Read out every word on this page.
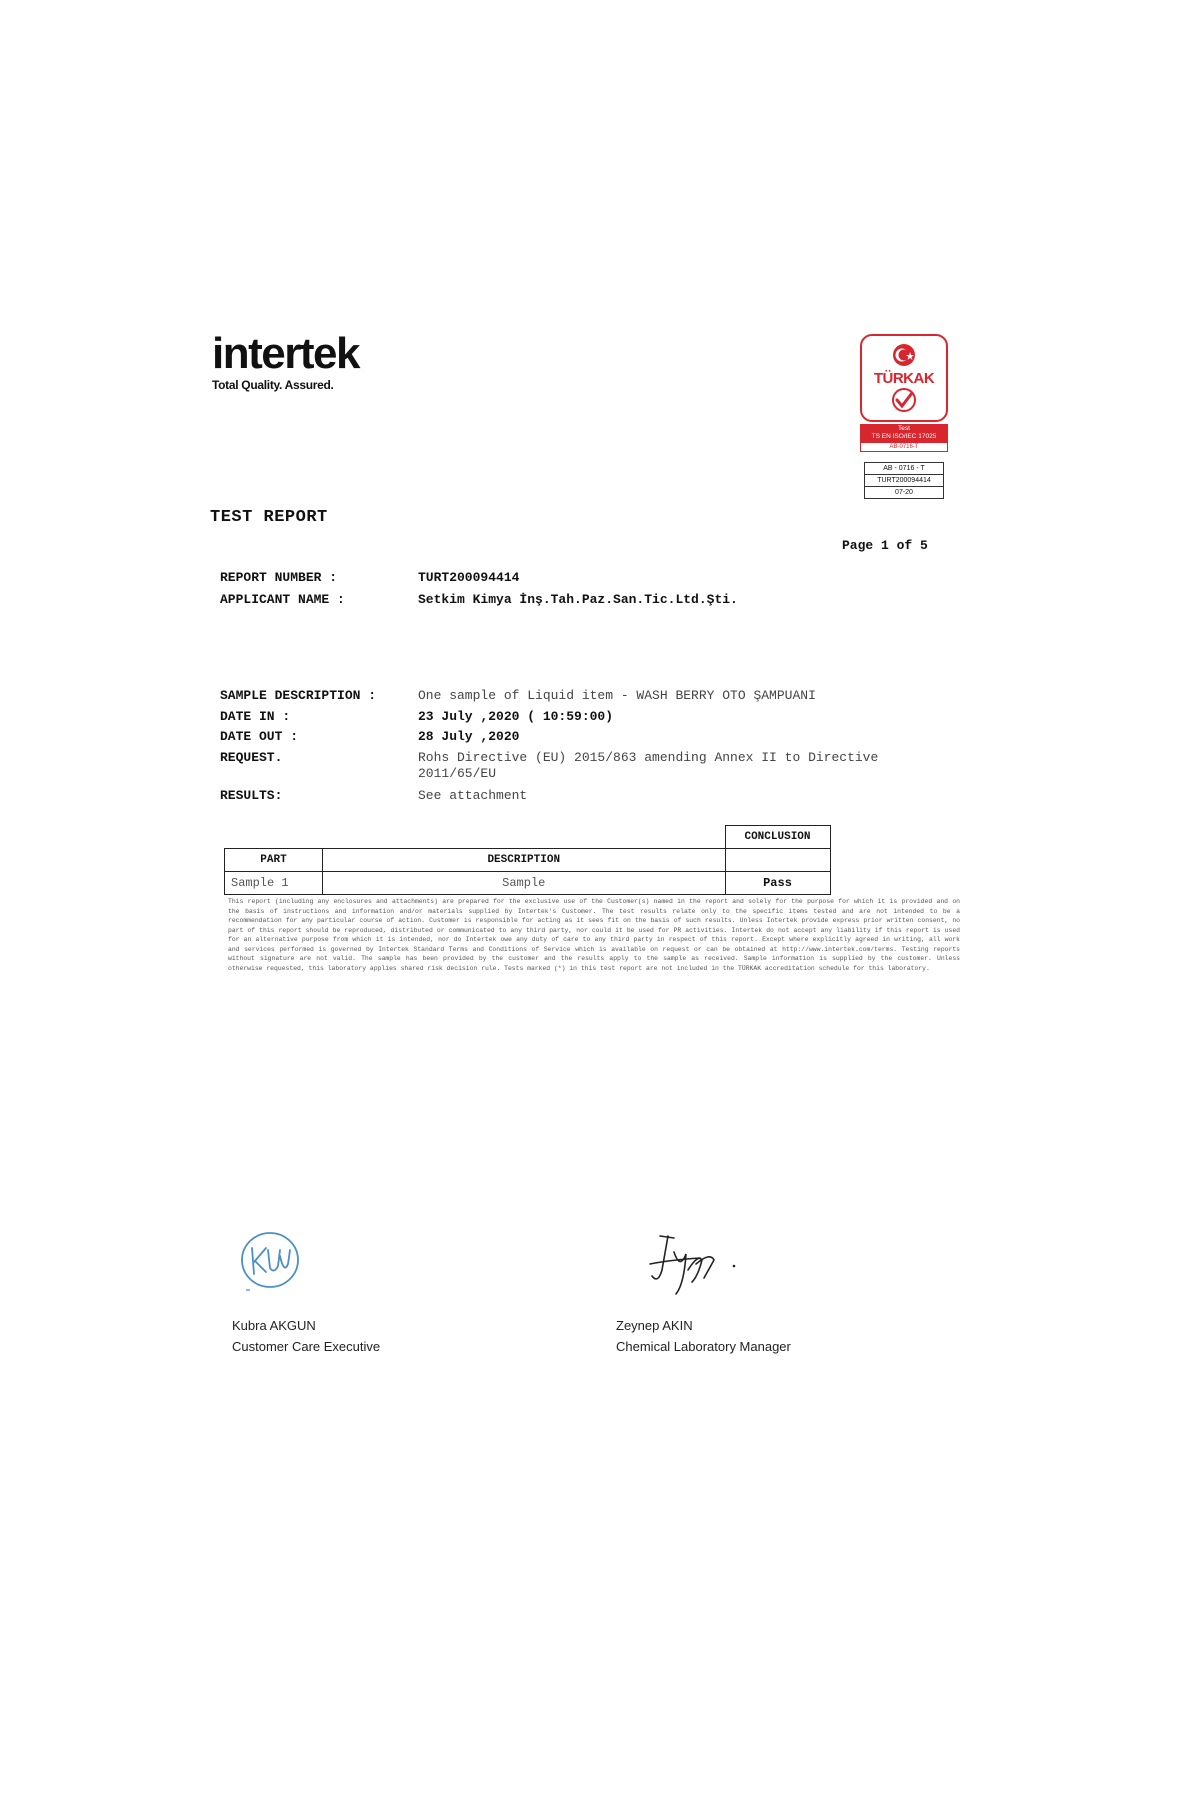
intertek
Total Quality. Assured.	TÜRKAK
Test
TS EN ISO/IEC 17025
AB-0716-T
AB - 0716 - T
TURT200094414
07-20
TEST REPORT
Page 1 of 5
REPORT NUMBER :	TURT200094414
APPLICANT NAME :	Setkim Kimya İnş.Tah.Paz.San.Tic.Ltd.Şti.
SAMPLE DESCRIPTION :	One sample of Liquid item - WASH BERRY OTO ŞAMPUANI
DATE IN :	23 July ,2020 ( 10:59:00)
DATE OUT :	28 July ,2020
REQUEST.	Rohs Directive (EU) 2015/863 amending Annex II to Directive
2011/65/EU
RESULTS:	See attachment
		CONCLUSION
PART	DESCRIPTION	
Sample 1	Sample	Pass
This report (including any enclosures and attachments) are prepared for the exclusive use of the Customer(s) named in the report and solely for the purpose for which it is provided and on the basis of instructions and information and/or materials supplied by Intertek's Customer. The test results relate only to the specific items tested and are not intended to be a recommendation for any particular course of action. Customer is responsible for acting as it sees fit on the basis of such results. Unless Intertek provide express prior written consent, no part of this report should be reproduced, distributed or communicated to any third party, nor could it be used for PR activities. Intertek do not accept any liability if this report is used for an alternative purpose from which it is intended, nor do Intertek owe any duty of care to any third party in respect of this report. Except where explicitly agreed in writing, all work and services performed is governed by Intertek Standard Terms and Conditions of Service which is available on request or can be obtained at http://www.intertek.com/terms. Testing reports without signature are not valid. The sample has been provided by the customer and the results apply to the sample as received. Sample information is supplied by the customer. Unless otherwise requested, this laboratory applies shared risk decision rule. Tests marked (*) in this test report are not included in the TÜRKAK accreditation schedule for this laboratory.
Kubra AKGUN
Customer Care Executive
Zeynep AKIN
Chemical Laboratory Manager
